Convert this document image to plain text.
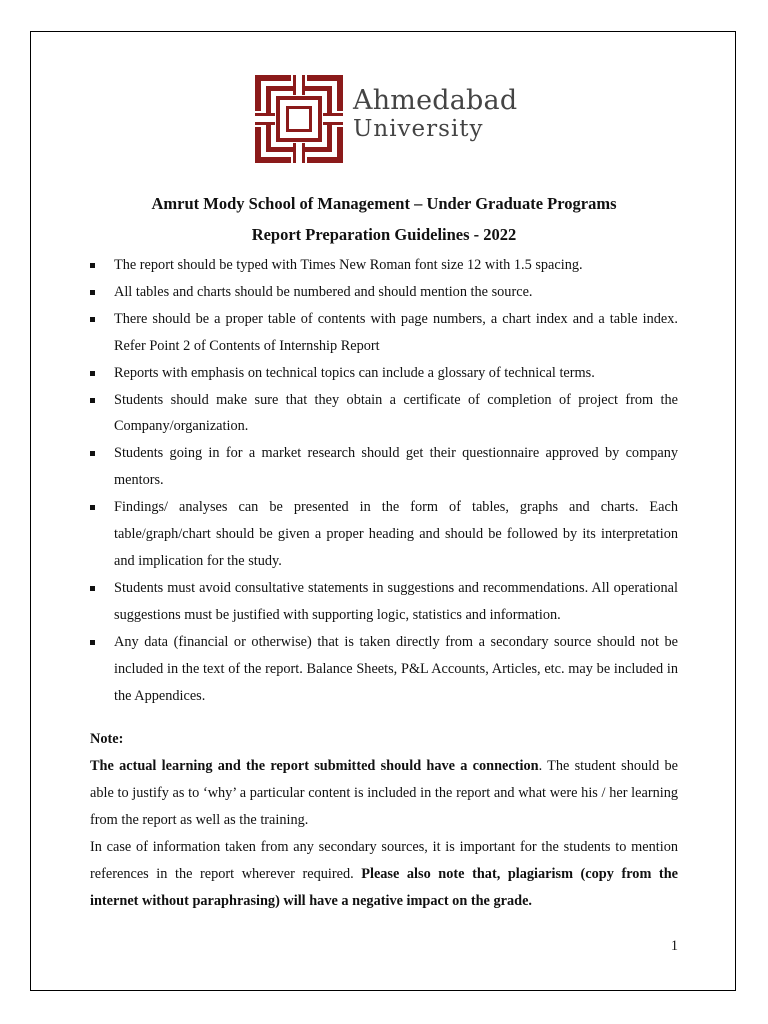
Ahmedabad
University
Amrut Mody School of Management – Under Graduate Programs
Report Preparation Guidelines - 2022
The report should be typed with Times New Roman font size 12 with 1.5 spacing.
All tables and charts should be numbered and should mention the source.
There should be a proper table of contents with page numbers, a chart index and a table index. Refer Point 2 of Contents of Internship Report
Reports with emphasis on technical topics can include a glossary of technical terms.
Students should make sure that they obtain a certificate of completion of project from the Company/organization.
Students going in for a market research should get their questionnaire approved by company mentors.
Findings/ analyses can be presented in the form of tables, graphs and charts. Each table/graph/chart should be given a proper heading and should be followed by its interpretation and implication for the study.
Students must avoid consultative statements in suggestions and recommendations. All operational suggestions must be justified with supporting logic, statistics and information.
Any data (financial or otherwise) that is taken directly from a secondary source should not be included in the text of the report. Balance Sheets, P&L Accounts, Articles, etc. may be included in the Appendices.
Note:
The actual learning and the report submitted should have a connection. The student should be able to justify as to ‘why’ a particular content is included in the report and what were his / her learning from the report as well as the training.
In case of information taken from any secondary sources, it is important for the students to mention references in the report wherever required. Please also note that, plagiarism (copy from the internet without paraphrasing) will have a negative impact on the grade.
1
